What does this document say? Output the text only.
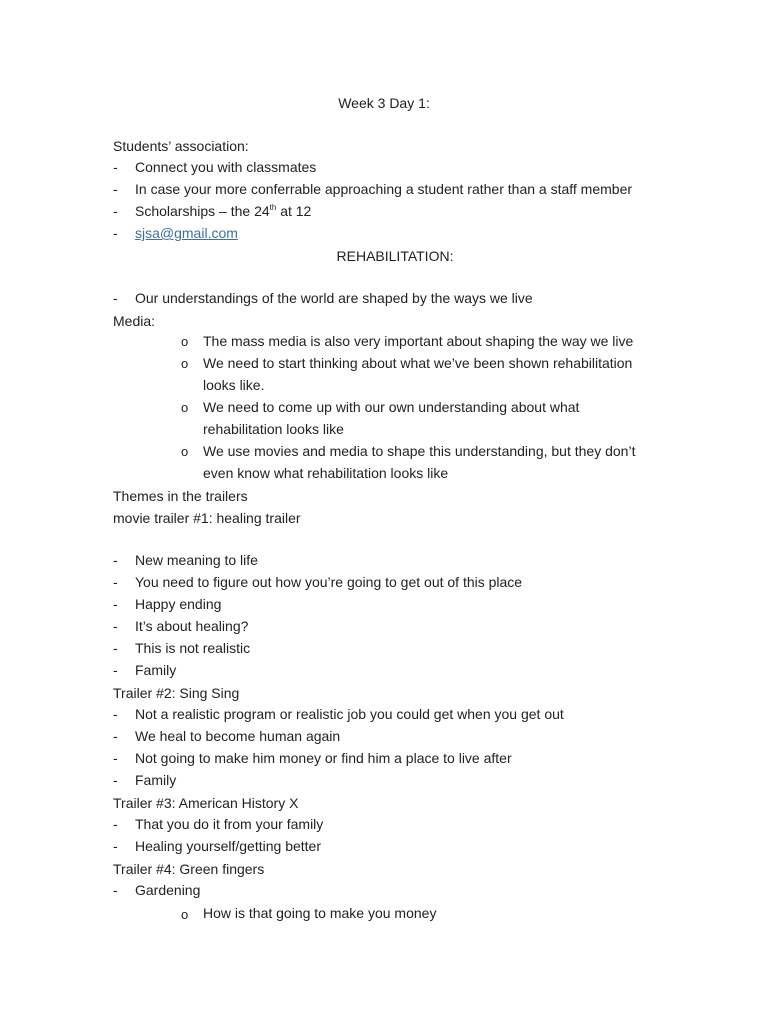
Week 3 Day 1:
Students’ association:
- Connect you with classmates
- In case your more conferrable approaching a student rather than a staff member
- Scholarships – the 24th at 12
- sjsa@gmail.com
REHABILITATION:
- Our understandings of the world are shaped by the ways we live
Media:
o The mass media is also very important about shaping the way we live
o We need to start thinking about what we’ve been shown rehabilitation
looks like.
o We need to come up with our own understanding about what
rehabilitation looks like
o We use movies and media to shape this understanding, but they don’t
even know what rehabilitation looks like
Themes in the trailers
movie trailer #1: healing trailer
- New meaning to life
- You need to figure out how you’re going to get out of this place
- Happy ending
- It’s about healing?
- This is not realistic
- Family
Trailer #2: Sing Sing
- Not a realistic program or realistic job you could get when you get out
- We heal to become human again
- Not going to make him money or find him a place to live after
- Family
Trailer #3: American History X
- That you do it from your family
- Healing yourself/getting better
Trailer #4: Green fingers
- Gardening
o How is that going to make you money
